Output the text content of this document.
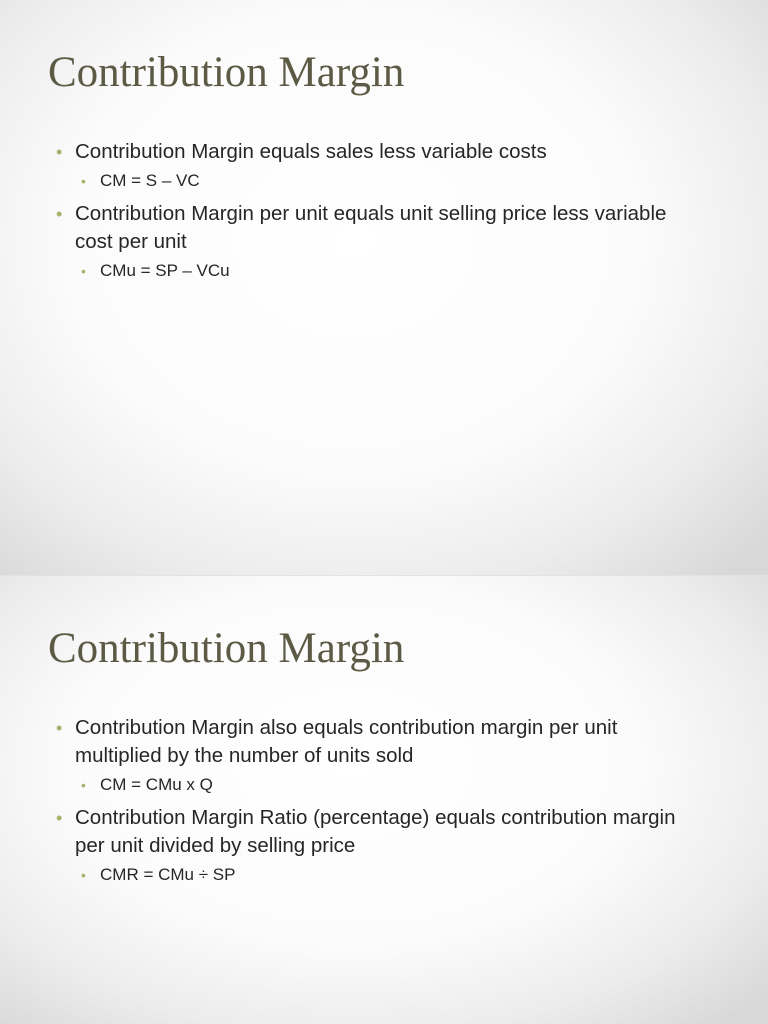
Contribution Margin
• Contribution Margin equals sales less variable costs
• CM = S – VC
• Contribution Margin per unit equals unit selling price less variable cost per unit
• CMu = SP – VCu
Contribution Margin
• Contribution Margin also equals contribution margin per unit multiplied by the number of units sold
• CM = CMu x Q
• Contribution Margin Ratio (percentage) equals contribution margin per unit divided by selling price
• CMR = CMu ÷ SP
